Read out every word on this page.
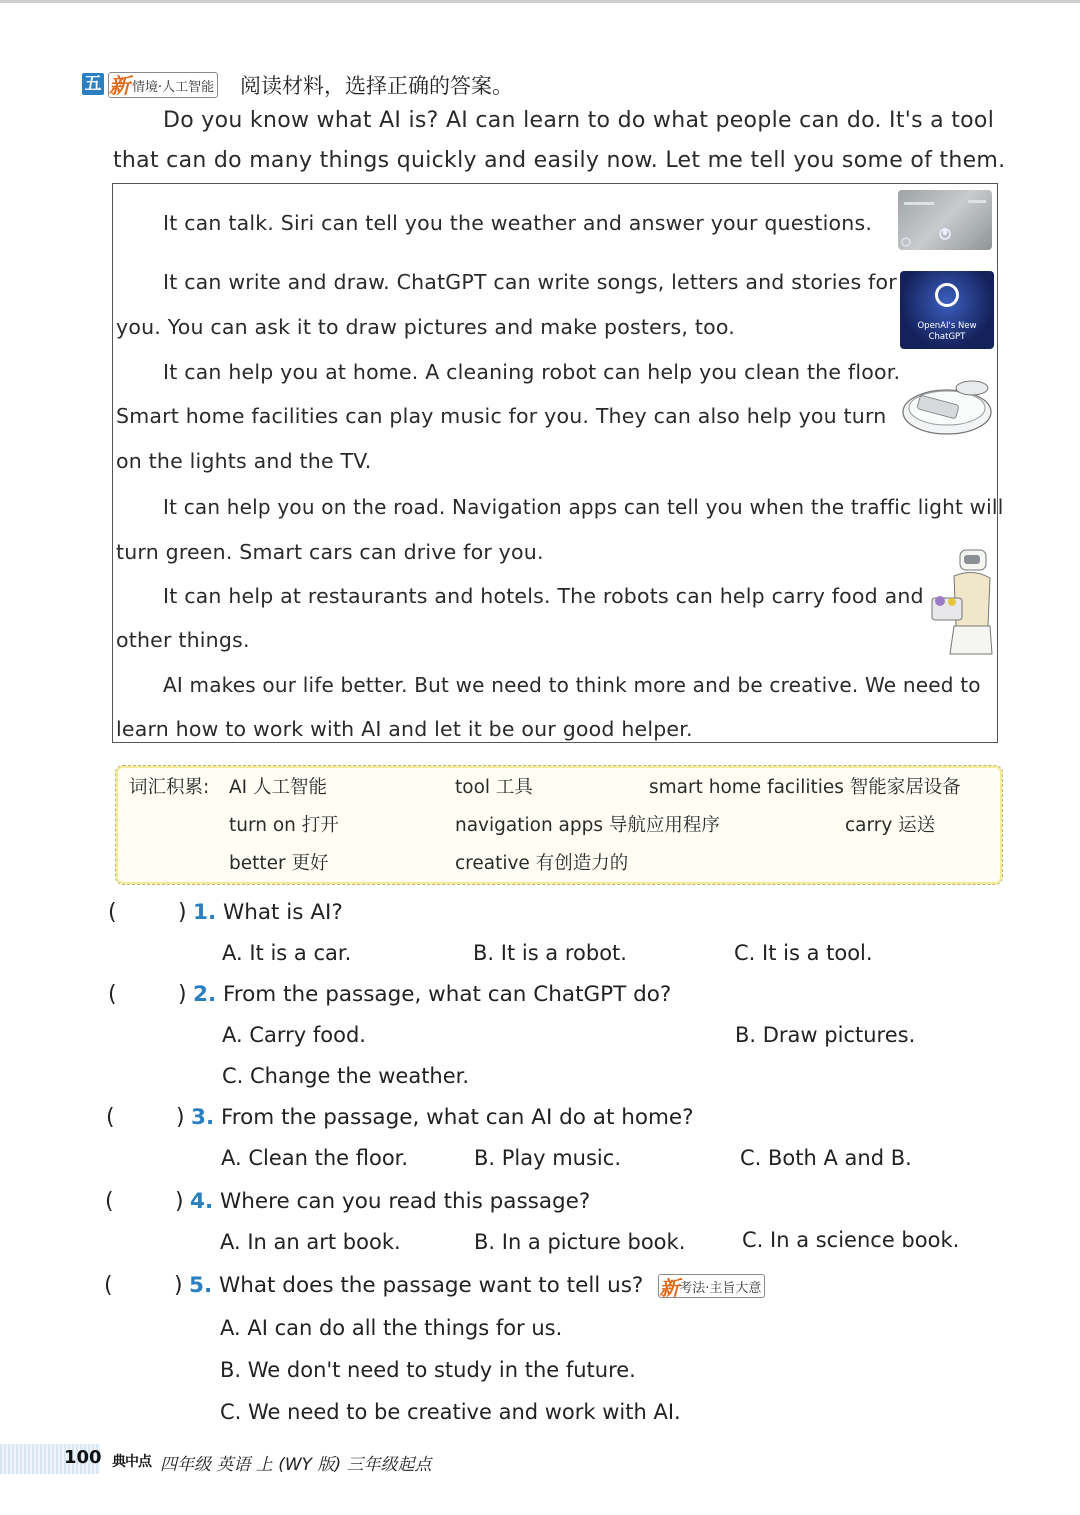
五 新 情境·人工智能 阅读材料，选择正确的答案。
Do you know what AI is? AI can learn to do what people can do. It's a tool
that can do many things quickly and easily now. Let me tell you some of them.
It can talk. Siri can tell you the weather and answer your questions.
It can write and draw. ChatGPT can write songs, letters and stories for
you. You can ask it to draw pictures and make posters, too.
It can help you at home. A cleaning robot can help you clean the floor.
Smart home facilities can play music for you. They can also help you turn
on the lights and the TV.
It can help you on the road. Navigation apps can tell you when the traffic light will
turn green. Smart cars can drive for you.
It can help at restaurants and hotels. The robots can help carry food and
other things.
AI makes our life better. But we need to think more and be creative. We need to
learn how to work with AI and let it be our good helper.
OpenAI's New ChatGPT
词汇积累: AI 人工智能	tool 工具	smart home facilities 智能家居设备
turn on 打开	navigation apps 导航应用程序	carry 运送
better 更好	creative 有创造力的
(	) 1. What is AI?
A. It is a car.	B. It is a robot.	C. It is a tool.
(	) 2. From the passage, what can ChatGPT do?
A. Carry food.	B. Draw pictures.
C. Change the weather.
(	) 3. From the passage, what can AI do at home?
A. Clean the floor.	B. Play music.	C. Both A and B.
(	) 4. Where can you read this passage?
A. In an art book.	B. In a picture book.	C. In a science book.
(	) 5. What does the passage want to tell us? 新 考法·主旨大意
A. AI can do all the things for us.
B. We don't need to study in the future.
C. We need to be creative and work with AI.
100 典中点 四年级 英语 上 (WY 版) 三年级起点
